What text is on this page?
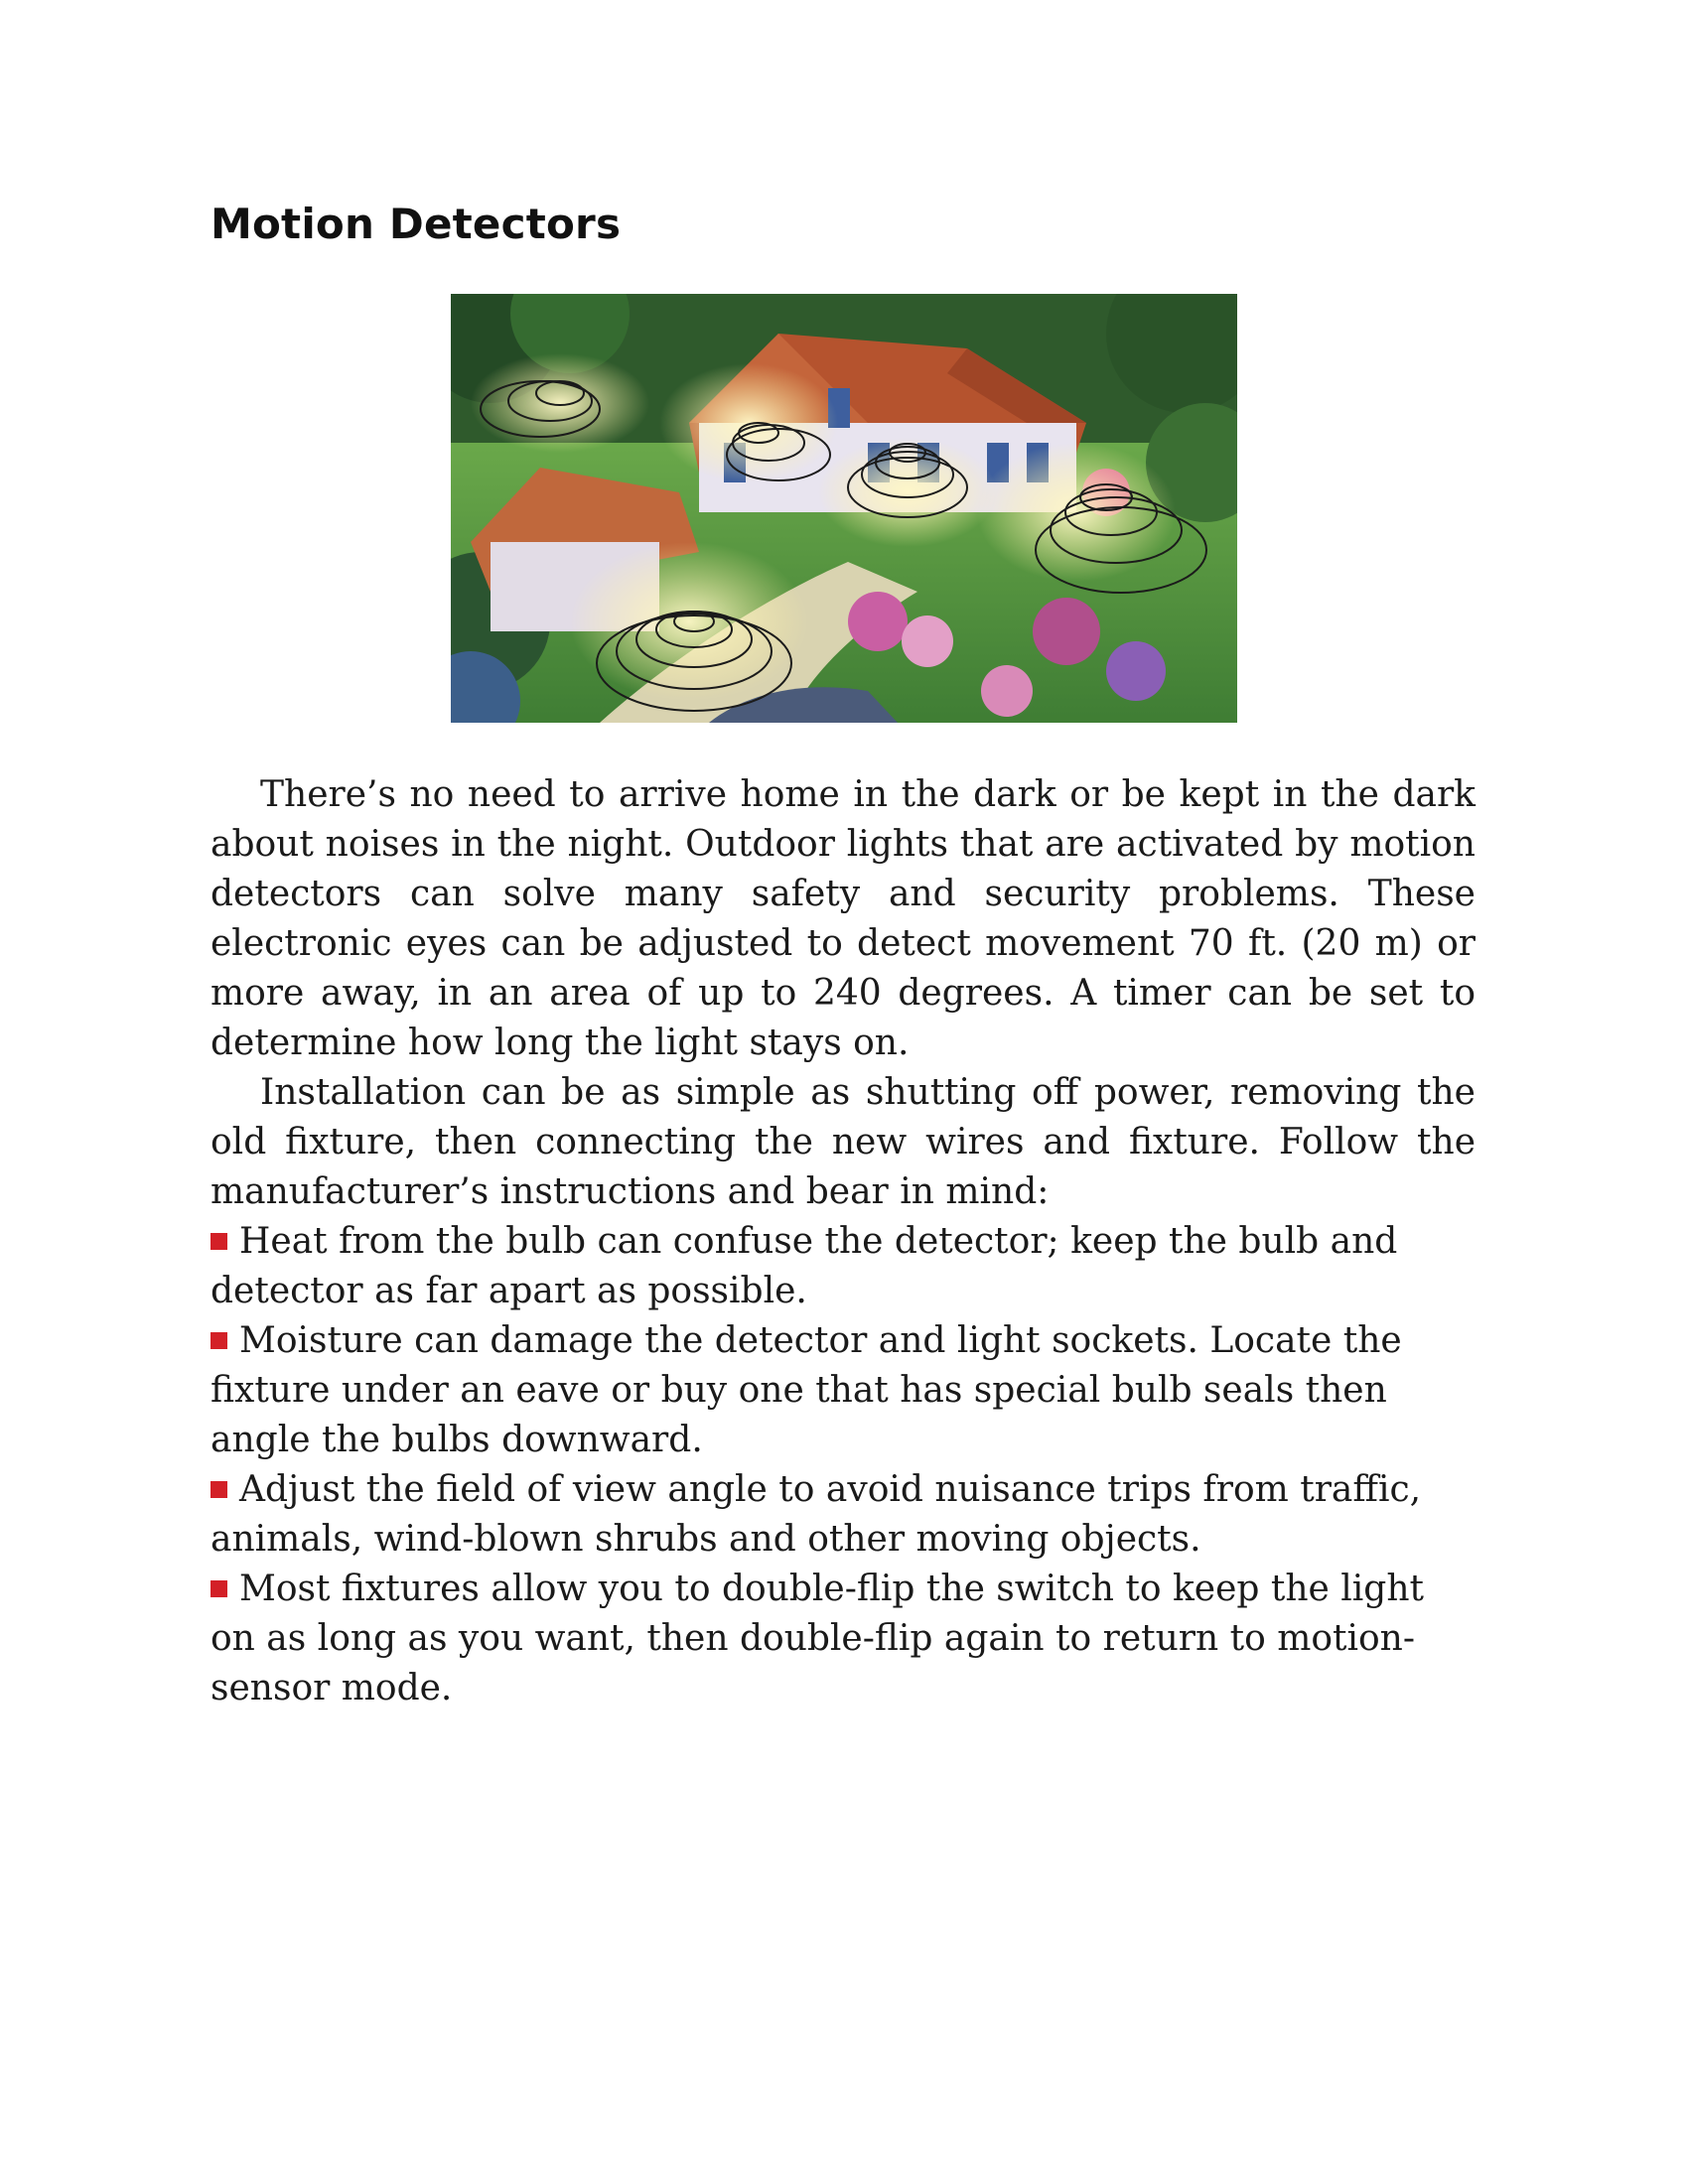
Motion Detectors

There’s no need to arrive home in the dark or be kept in the dark about noises in the night. Outdoor lights that are activated by motion detectors can solve many safety and security problems. These electronic eyes can be adjusted to detect movement 70 ft. (20 m) or more away, in an area of up to 240 degrees. A timer can be set to determine how long the light stays on.

Installation can be as simple as shutting off power, removing the old fixture, then connecting the new wires and fixture. Follow the manufacturer’s instructions and bear in mind:

Heat from the bulb can confuse the detector; keep the bulb and detector as far apart as possible.

Moisture can damage the detector and light sockets. Locate the fixture under an eave or buy one that has special bulb seals then angle the bulbs downward.

Adjust the field of view angle to avoid nuisance trips from traffic, animals, wind-blown shrubs and other moving objects.

Most fixtures allow you to double-flip the switch to keep the light on as long as you want, then double-flip again to return to motion-sensor mode.
